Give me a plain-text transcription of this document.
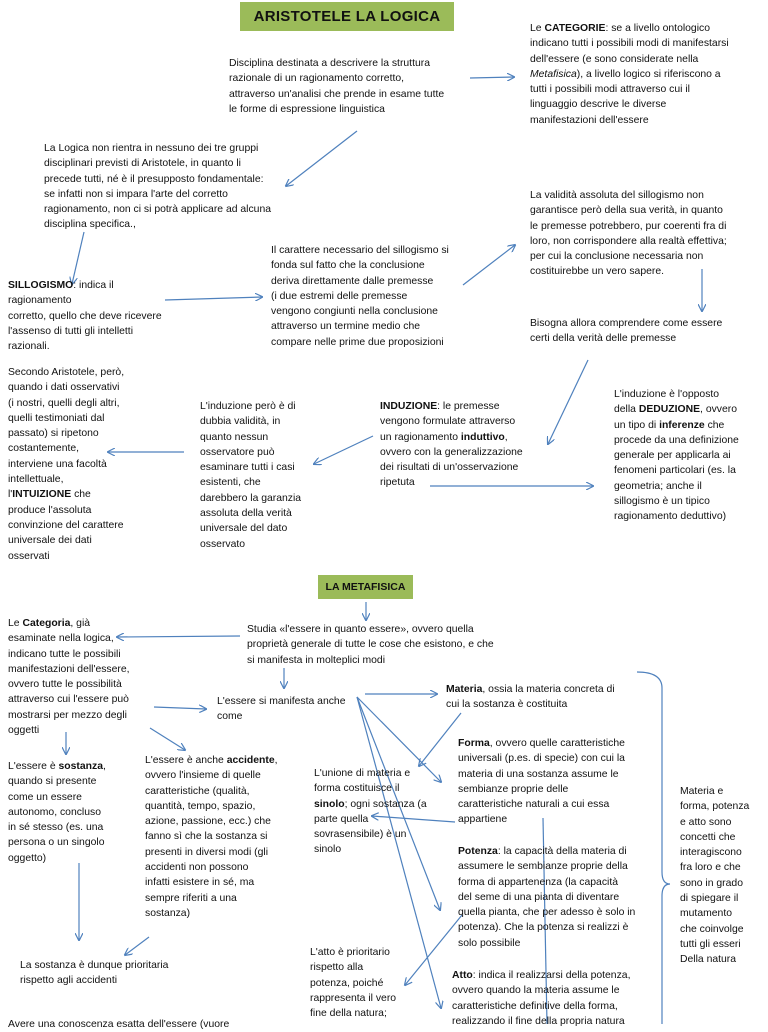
ARISTOTELE LA LOGICA
LA METAFISICA
Disciplina destinata a descrivere la struttura
razionale di un ragionamento corretto,
attraverso un'analisi che prende in esame tutte
le forme di espressione linguistica
Le CATEGORIE: se a livello ontologico
indicano tutti i possibili modi di manifestarsi
dell'essere (e sono considerate nella
Metafisica), a livello logico si riferiscono a
tutti i possibili modi attraverso cui il
linguaggio descrive le diverse
manifestazioni dell'essere
La Logica non rientra in nessuno dei tre gruppi
disciplinari previsti di Aristotele, in quanto li
precede tutti, né è il presupposto fondamentale:
se infatti non si impara l'arte del corretto
ragionamento, non ci si potrà applicare ad alcuna
disciplina specifica.,
La validità assoluta del sillogismo non
garantisce però della sua verità, in quanto
le premesse potrebbero, pur coerenti fra di
loro, non corrispondere alla realtà effettiva;
per cui la conclusione necessaria non
costituirebbe un vero sapere.
Il carattere necessario del sillogismo si
fonda sul fatto che la conclusione
deriva direttamente dalle premesse
(i due estremi delle premesse
vengono congiunti nella conclusione
attraverso un termine medio che
compare nelle prime due proposizioni
SILLOGISMO: indica il ragionamento
corretto, quello che deve ricevere
l'assenso di tutti gli intelletti
razionali.
Bisogna allora comprendere come essere
certi della verità delle premesse
Secondo Aristotele, però,
quando i dati osservativi
(i nostri, quelli degli altri,
quelli testimoniati dal
passato) si ripetono
costantemente,
interviene una facoltà
intellettuale,
l'INTUIZIONE che
produce l'assoluta
convinzione del carattere
universale dei dati
osservati
L'induzione però è di
dubbia validità, in
quanto nessun
osservatore può
esaminare tutti i casi
esistenti, che
darebbero la garanzia
assoluta della verità
universale del dato
osservato
INDUZIONE: le premesse
vengono formulate attraverso
un ragionamento induttivo,
ovvero con la generalizzazione
dei risultati di un'osservazione
ripetuta
L'induzione è l'opposto
della DEDUZIONE, ovvero
un tipo di inferenze che
procede da una definizione
generale per applicarla ai
fenomeni particolari (es. la
geometria; anche il
sillogismo è un tipico
ragionamento deduttivo)
Le Categoria, già
esaminate nella logica,
indicano tutte le possibili
manifestazioni dell'essere,
ovvero tutte le possibilità
attraverso cui l'essere può
mostrarsi per mezzo degli
oggetti
Studia «l'essere in quanto essere», ovvero quella
proprietà generale di tutte le cose che esistono, e che
si manifesta in molteplici modi
L'essere si manifesta anche
come
Materia, ossia la materia concreta di
cui la sostanza è costituita
Forma, ovvero quelle caratteristiche
universali (p.es. di specie) con cui la
materia di una sostanza assume le
sembianze proprie delle
caratteristiche naturali a cui essa
appartiene
L'essere è sostanza,
quando si presente
come un essere
autonomo, concluso
in sé stesso (es. una
persona o un singolo
oggetto)
L'essere è anche accidente,
ovvero l'insieme di quelle
caratteristiche (qualità,
quantità, tempo, spazio,
azione, passione, ecc.) che
fanno sì che la sostanza si
presenti in diversi modi (gli
accidenti non possono
infatti esistere in sé, ma
sempre riferiti a una
sostanza)
L'unione di materia e
forma costituisce il
sinolo; ogni sostanza (a
parte quella
sovrasensibile) è un
sinolo	Potenza: la capacità della materia di
assumere le sembianze proprie della
forma di appartenenza (la capacità
del seme di una pianta di diventare
quella pianta, che per adesso è solo in
potenza). Che la potenza si realizzi è
solo possibile
Materia e
forma, potenza
e atto sono
concetti che
interagiscono
fra loro e che
sono in grado
di spiegare il
mutamento
che coinvolge
tutti gli esseri
Della natura
La sostanza è dunque prioritaria
rispetto agli accidenti
L'atto è prioritario
rispetto alla
potenza, poiché
rappresenta il vero
fine della natura;
Atto: indica il realizzarsi della potenza,
ovvero quando la materia assume le
caratteristiche definitive della forma,
realizzando il fine della propria natura
Avere una conoscenza esatta dell'essere (vuore
